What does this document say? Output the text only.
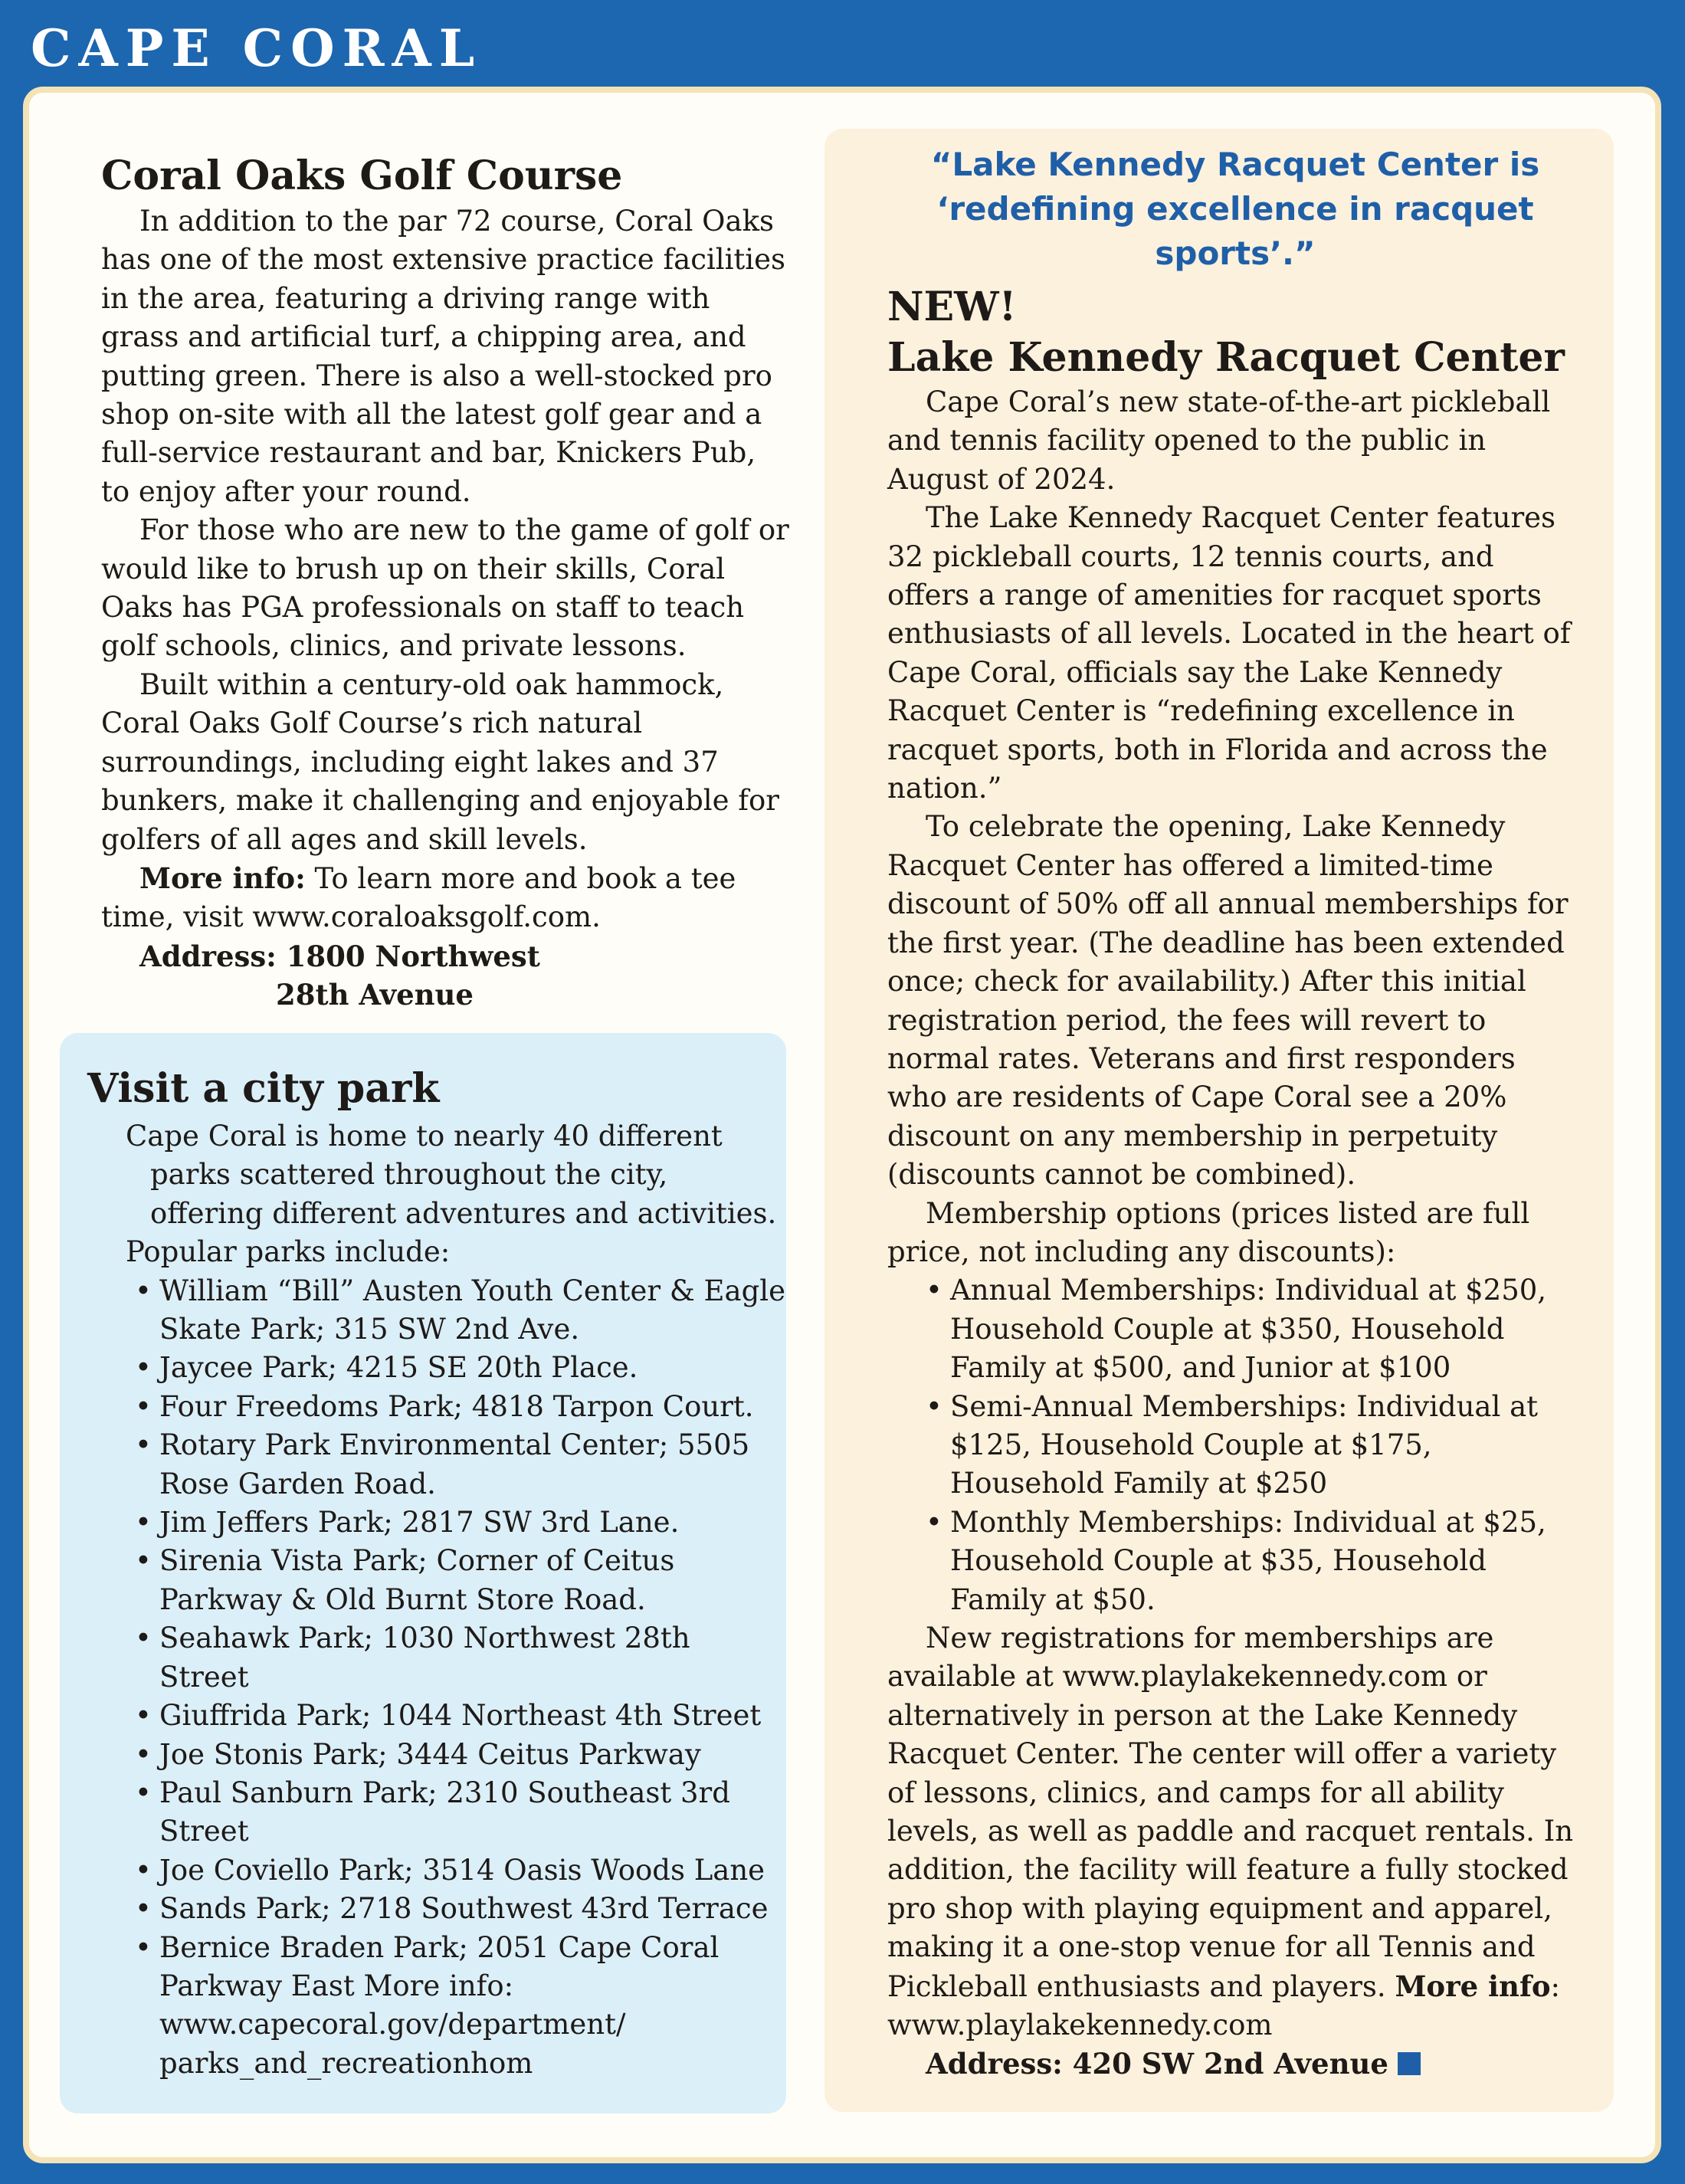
CAPE CORAL
Coral Oaks Golf Course

In addition to the par 72 course, Coral Oaks has one of the most extensive practice facilities in the area, featuring a driving range with grass and artificial turf, a chipping area, and putting green. There is also a well-stocked pro shop on-site with all the latest golf gear and a full-service restaurant and bar, Knickers Pub, to enjoy after your round.

For those who are new to the game of golf or would like to brush up on their skills, Coral Oaks has PGA professionals on staff to teach golf schools, clinics, and private lessons.

Built within a century-old oak hammock, Coral Oaks Golf Course’s rich natural surroundings, including eight lakes and 37 bunkers, make it challenging and enjoyable for golfers of all ages and skill levels.

More info: To learn more and book a tee time, visit www.coraloaksgolf.com.

Address: 1800 Northwest
28th Avenue
Visit a city park

Cape Coral is home to nearly 40 different parks scattered throughout the city, offering different adventures and activities.

Popular parks include:

• William “Bill” Austen Youth Center & Eagle Skate Park; 315 SW 2nd Ave.
• Jaycee Park; 4215 SE 20th Place.
• Four Freedoms Park; 4818 Tarpon Court.
• Rotary Park Environmental Center; 5505 Rose Garden Road.
• Jim Jeffers Park; 2817 SW 3rd Lane.
• Sirenia Vista Park; Corner of Ceitus Parkway & Old Burnt Store Road.
• Seahawk Park; 1030 Northwest 28th Street
• Giuffrida Park; 1044 Northeast 4th Street
• Joe Stonis Park; 3444 Ceitus Parkway
• Paul Sanburn Park; 2310 Southeast 3rd Street
• Joe Coviello Park; 3514 Oasis Woods Lane
• Sands Park; 2718 Southwest 43rd Terrace
• Bernice Braden Park; 2051 Cape Coral Parkway East More info: www.capecoral.gov/department/ parks_and_recreationhom

“Lake Kennedy Racquet Center is ‘redefining excellence in racquet sports’.”

NEW!
Lake Kennedy Racquet Center

Cape Coral’s new state-of-the-art pickleball and tennis facility opened to the public in August of 2024.

The Lake Kennedy Racquet Center features 32 pickleball courts, 12 tennis courts, and offers a range of amenities for racquet sports enthusiasts of all levels. Located in the heart of Cape Coral, officials say the Lake Kennedy Racquet Center is “redefining excellence in racquet sports, both in Florida and across the nation.”

To celebrate the opening, Lake Kennedy Racquet Center has offered a limited-time discount of 50% off all annual memberships for the first year. (The deadline has been extended once; check for availability.) After this initial registration period, the fees will revert to normal rates. Veterans and first responders who are residents of Cape Coral see a 20% discount on any membership in perpetuity (discounts cannot be combined).

Membership options (prices listed are full price, not including any discounts):

• Annual Memberships: Individual at $250, Household Couple at $350, Household Family at $500, and Junior at $100
• Semi-Annual Memberships: Individual at $125, Household Couple at $175, Household Family at $250
• Monthly Memberships: Individual at $25, Household Couple at $35, Household Family at $50.

New registrations for memberships are available at www.playlakekennedy.com or alternatively in person at the Lake Kennedy Racquet Center. The center will offer a variety of lessons, clinics, and camps for all ability levels, as well as paddle and racquet rentals. In addition, the facility will feature a fully stocked pro shop with playing equipment and apparel, making it a one-stop venue for all Tennis and Pickleball enthusiasts and players. More info: www.playlakekennedy.com

Address: 420 SW 2nd Avenue
